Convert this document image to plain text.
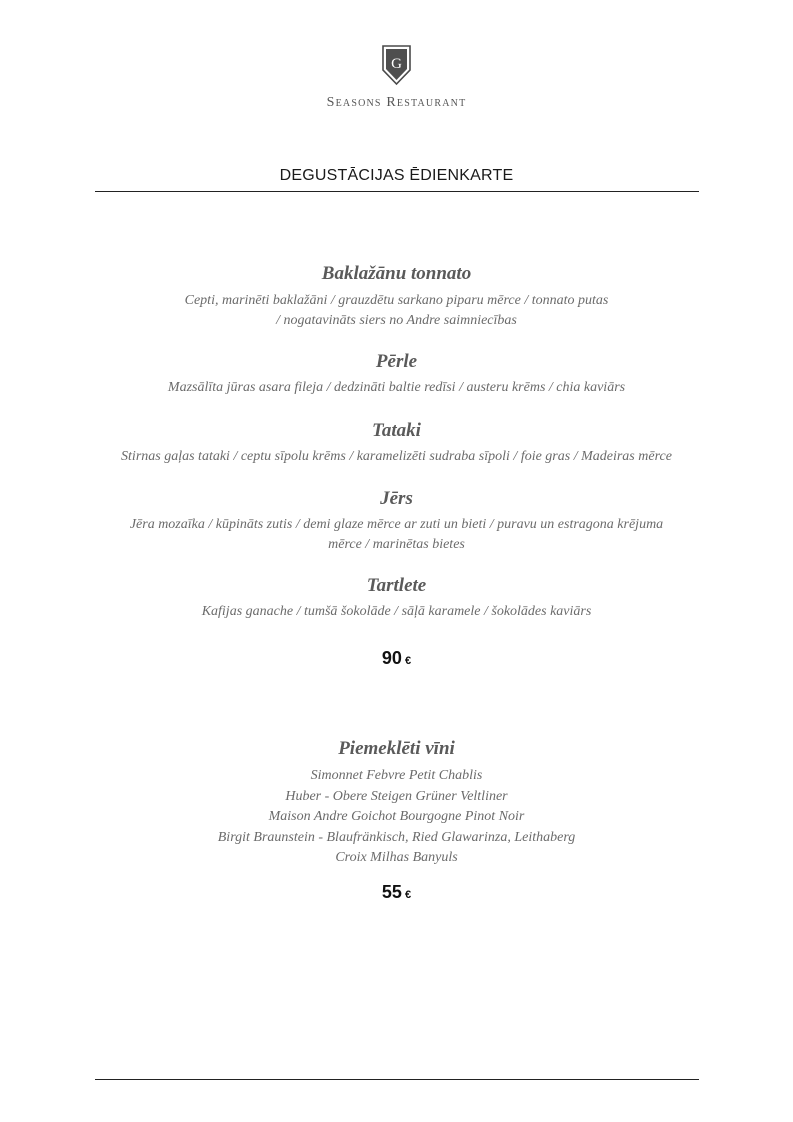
G
Seasons Restaurant
DEGUSTĀCIJAS ĒDIENKARTE
Baklažānu tonnato
Cepti, marinēti baklažāni / grauzdētu sarkano piparu mērce / tonnato putas
/ nogatavināts siers no Andre saimniecības
Pērle
Mazsālīta jūras asara fileja / dedzināti baltie redīsi / austeru krēms / chia kaviārs
Tataki
Stirnas gaļas tataki / ceptu sīpolu krēms / karamelizēti sudraba sīpoli / foie gras / Madeiras mērce
Jērs
Jēra mozaīka / kūpināts zutis / demi glaze mērce ar zuti un bieti / puravu un estragona krējuma
mērce / marinētas bietes
Tartlete
Kafijas ganache / tumšā šokolāde / sāļā karamele / šokolādes kaviārs
90 €
Piemeklēti vīni
Simonnet Febvre Petit Chablis
Huber - Obere Steigen Grüner Veltliner
Maison Andre Goichot Bourgogne Pinot Noir
Birgit Braunstein - Blaufränkisch, Ried Glawarinza, Leithaberg
Croix Milhas Banyuls
55 €
